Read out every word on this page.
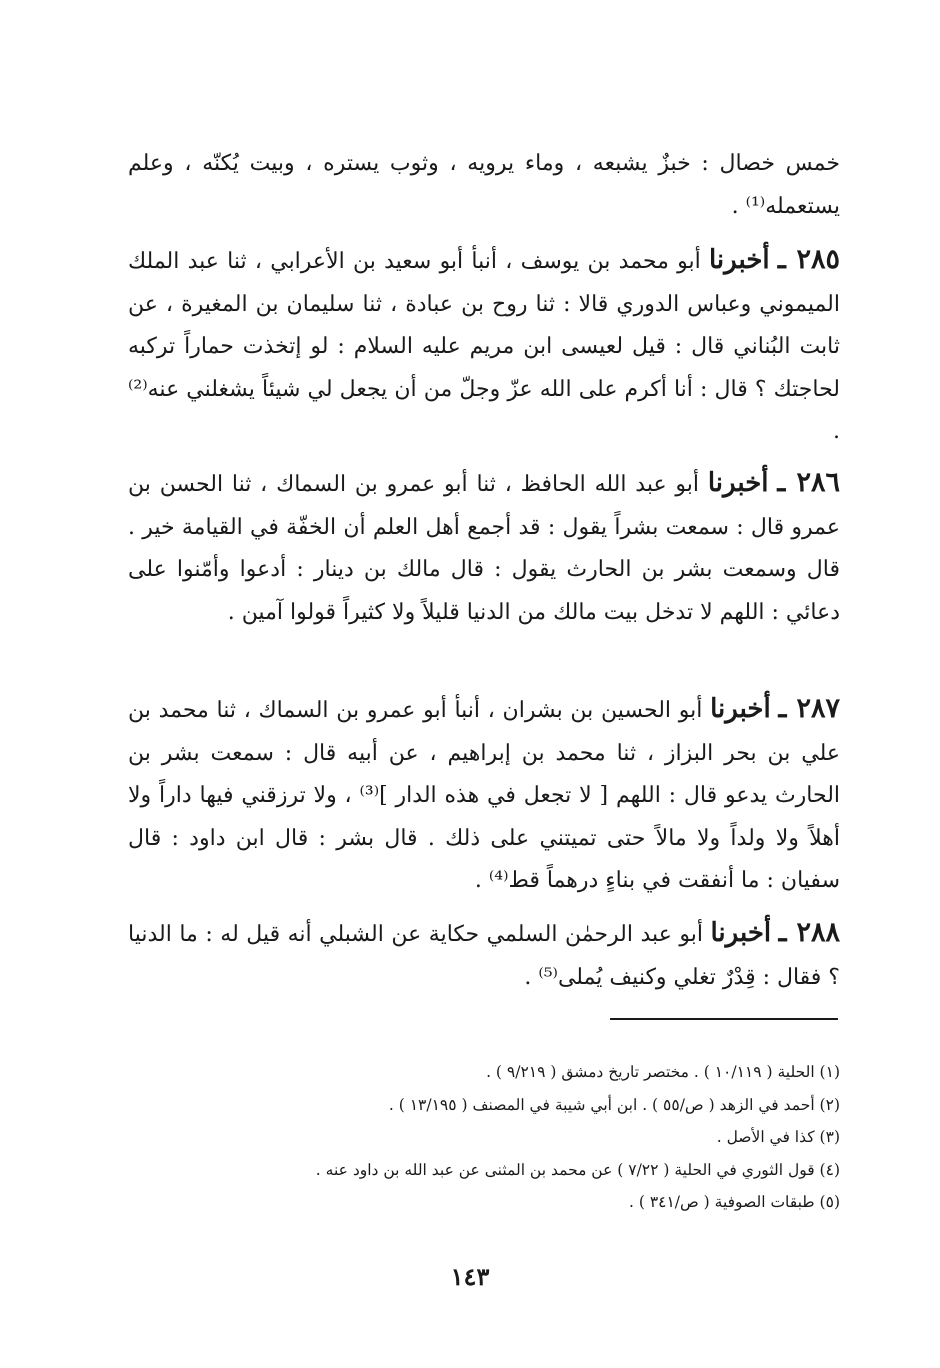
خمس خصال : خبزٌ يشبعه ، وماء يرويه ، وثوب يستره ، وبيت يُكنّه ، وعلم يستعمله⁽¹⁾ .

٢٨٥ ـ أخبرنا أبو محمد بن يوسف ، أنبأ أبو سعيد بن الأعرابي ، ثنا عبد الملك الميموني وعباس الدوري قالا : ثنا روح بن عبادة ، ثنا سليمان بن المغيرة ، عن ثابت البُناني قال : قيل لعيسى ابن مريم عليه السلام : لو إتخذت حماراً تركبه لحاجتك ؟ قال : أنا أكرم على الله عزّ وجلّ من أن يجعل لي شيئاً يشغلني عنه⁽²⁾ .

٢٨٦ ـ أخبرنا أبو عبد الله الحافظ ، ثنا أبو عمرو بن السماك ، ثنا الحسن بن عمرو قال : سمعت بشراً يقول : قد أجمع أهل العلم أن الخفّة في القيامة خير . قال وسمعت بشر بن الحارث يقول : قال مالك بن دينار : أدعوا وأمّنوا على دعائي : اللهم لا تدخل بيت مالك من الدنيا قليلاً ولا كثيراً قولوا آمين .

٢٨٧ ـ أخبرنا أبو الحسين بن بشران ، أنبأ أبو عمرو بن السماك ، ثنا محمد بن علي بن بحر البزاز ، ثنا محمد بن إبراهيم ، عن أبيه قال : سمعت بشر بن الحارث يدعو قال : اللهم [ لا تجعل في هذه الدار ]⁽³⁾ ، ولا ترزقني فيها داراً ولا أهلاً ولا ولداً ولا مالاً حتى تميتني على ذلك . قال بشر : قال ابن داود : قال سفيان : ما أنفقت في بناءٍ درهماً قط⁽⁴⁾ .

٢٨٨ ـ أخبرنا أبو عبد الرحمٰن السلمي حكاية عن الشبلي أنه قيل له : ما الدنيا ؟ فقال : قِدْرٌ تغلي وكنيف يُملى⁽⁵⁾ .

(١) الحلية ( ١٠/١١٩ ) . مختصر تاريخ دمشق ( ٩/٢١٩ ) .

(٢) أحمد في الزهد ( ص/٥٥ ) . ابن أبي شيبة في المصنف ( ١٣/١٩٥ ) .

(٣) كذا في الأصل .

(٤) قول الثوري في الحلية ( ٧/٢٢ ) عن محمد بن المثنى عن عبد الله بن داود عنه .

(٥) طبقات الصوفية ( ص/٣٤١ ) .

١٤٣
